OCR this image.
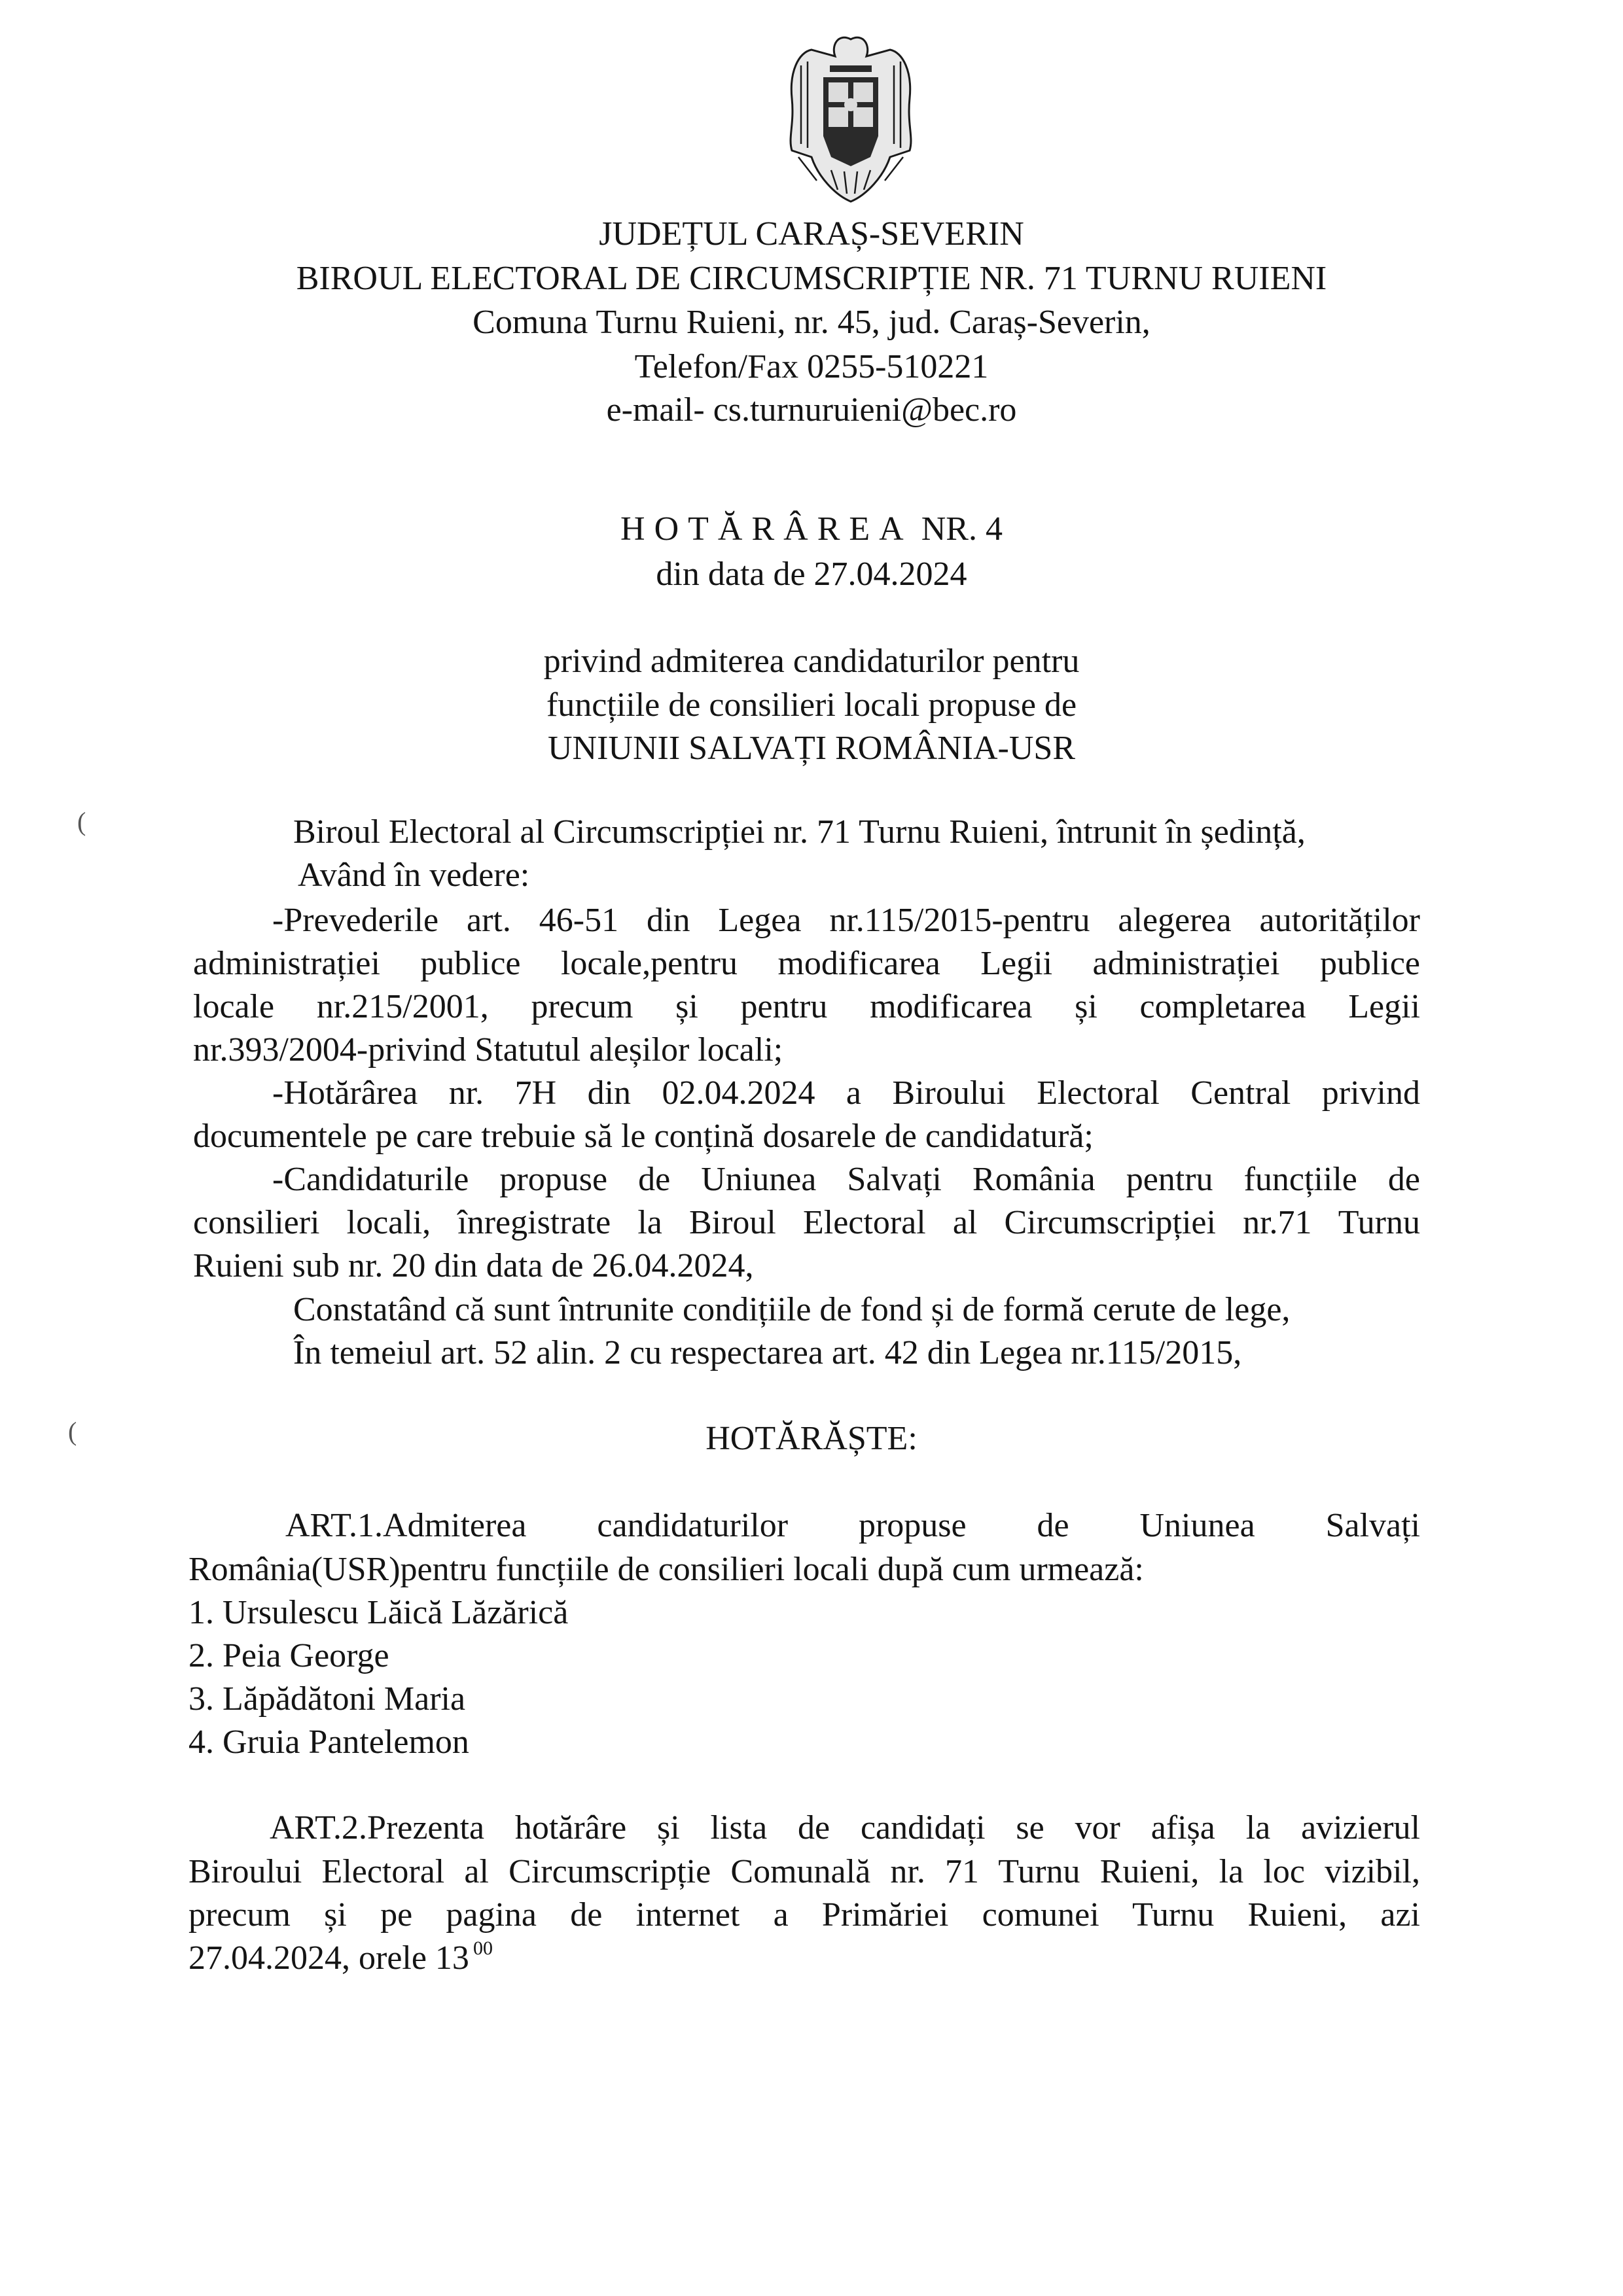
JUDEȚUL CARAȘ-SEVERIN
BIROUL ELECTORAL DE CIRCUMSCRIPȚIE NR. 71 TURNU RUIENI
Comuna Turnu Ruieni, nr. 45, jud. Caraș-Severin,
Telefon/Fax 0255-510221
e-mail- cs.turnuruieni@bec.ro
HOTĂRÂREA NR. 4
din data de 27.04.2024
privind admiterea candidaturilor pentru
funcțiile de consilieri locali propuse de
UNIUNII SALVAȚI ROMÂNIA-USR
Biroul Electoral al Circumscripției nr. 71 Turnu Ruieni, întrunit în ședință,
Având în vedere:
-Prevederile art. 46-51 din Legea nr.115/2015-pentru alegerea autorităților
administrației publice locale,pentru modificarea Legii administrației publice
locale nr.215/2001, precum și pentru modificarea și completarea Legii
nr.393/2004-privind Statutul aleșilor locali;
-Hotărârea nr. 7H din 02.04.2024 a Biroului Electoral Central privind
documentele pe care trebuie să le conțină dosarele de candidatură;
-Candidaturile propuse de Uniunea Salvați România pentru funcțiile de
consilieri locali, înregistrate la Biroul Electoral al Circumscripției nr.71 Turnu
Ruieni sub nr. 20 din data de 26.04.2024,
Constatând că sunt întrunite condițiile de fond și de formă cerute de lege,
În temeiul art. 52 alin. 2 cu respectarea art. 42 din Legea nr.115/2015,
HOTĂRĂȘTE:
ART.1.Admiterea candidaturilor propuse de Uniunea Salvați
România(USR)pentru funcțiile de consilieri locali după cum urmează:
1. Ursulescu Lăică Lăzărică
2. Peia George
3. Lăpădătoni Maria
4. Gruia Pantelemon
ART.2.Prezenta hotărâre și lista de candidați se vor afișa la avizierul
Biroului Electoral al Circumscripție Comunală nr. 71 Turnu Ruieni, la loc vizibil,
precum și pe pagina de internet a Primăriei comunei Turnu Ruieni, azi
27.04.2024, orele 13 $^{00}$
(
(
